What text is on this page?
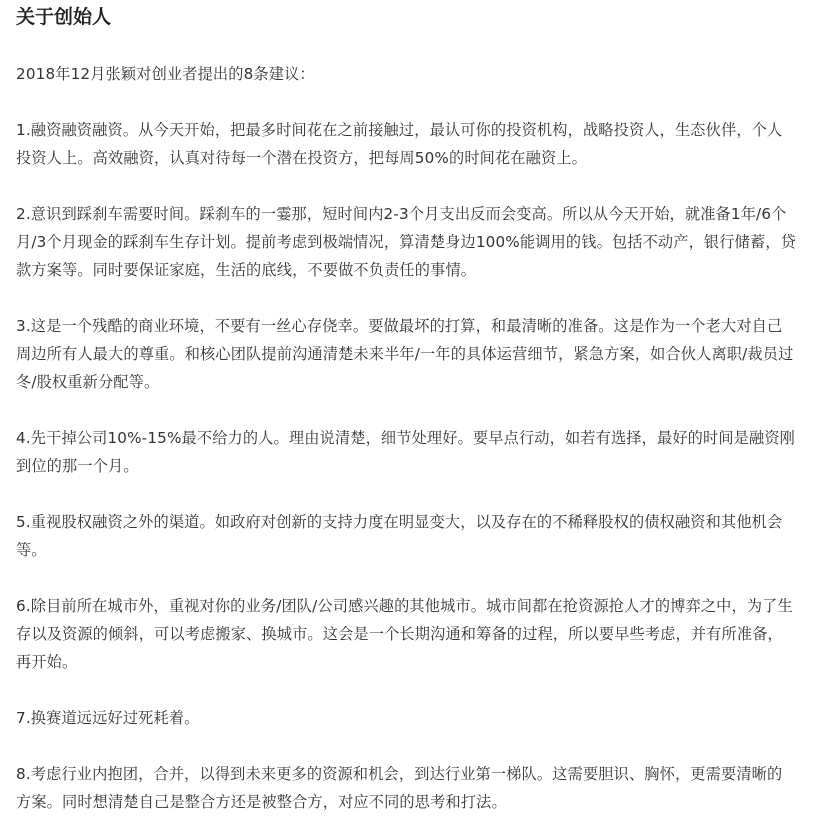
关于创始人

2018年12月张颖对创业者提出的8条建议：

1.融资融资融资。从今天开始，把最多时间花在之前接触过，最认可你的投资机构，战略投资人，生态伙伴，个人投资人上。高效融资，认真对待每一个潜在投资方，把每周50%的时间花在融资上。

2.意识到踩刹车需要时间。踩刹车的一霎那，短时间内2-3个月支出反而会变高。所以从今天开始，就准备1年/6个月/3个月现金的踩刹车生存计划。提前考虑到极端情况，算清楚身边100%能调用的钱。包括不动产，银行储蓄，贷款方案等。同时要保证家庭，生活的底线，不要做不负责任的事情。

3.这是一个残酷的商业环境，不要有一丝心存侥幸。要做最坏的打算，和最清晰的准备。这是作为一个老大对自己周边所有人最大的尊重。和核心团队提前沟通清楚未来半年/一年的具体运营细节，紧急方案，如合伙人离职/裁员过冬/股权重新分配等。

4.先干掉公司10%-15%最不给力的人。理由说清楚，细节处理好。要早点行动，如若有选择，最好的时间是融资刚到位的那一个月。

5.重视股权融资之外的渠道。如政府对创新的支持力度在明显变大，以及存在的不稀释股权的债权融资和其他机会等。

6.除目前所在城市外，重视对你的业务/团队/公司感兴趣的其他城市。城市间都在抢资源抢人才的博弈之中，为了生存以及资源的倾斜，可以考虑搬家、换城市。这会是一个长期沟通和筹备的过程，所以要早些考虑，并有所准备，再开始。

7.换赛道远远好过死耗着。

8.考虑行业内抱团，合并，以得到未来更多的资源和机会，到达行业第一梯队。这需要胆识、胸怀，更需要清晰的方案。同时想清楚自己是整合方还是被整合方，对应不同的思考和打法。
